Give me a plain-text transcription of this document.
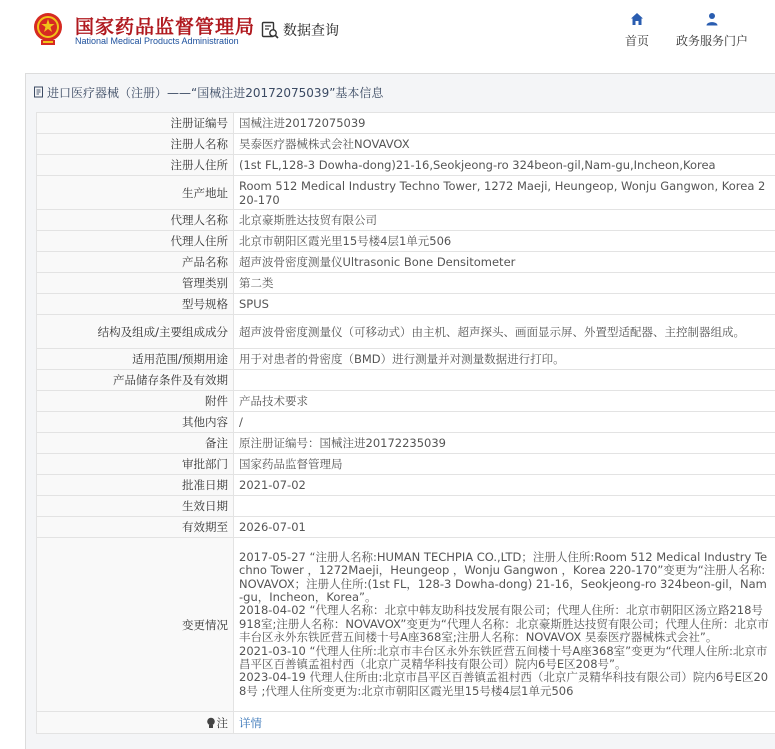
国家药品监督管理局
National Medical Products Administration
数据查询
首页	政务服务门户
进口医疗器械（注册）——“国械注进20172075039”基本信息
注册证编号	国械注进20172075039
注册人名称	昊泰医疗器械株式会社NOVAVOX
注册人住所	(1st FL,128-3 Dowha-dong)21-16,Seokjeong-ro 324beon-gil,Nam-gu,Incheon,Korea
生产地址	Room 512 Medical Industry Techno Tower, 1272 Maeji, Heungeop, Wonju Gangwon, Korea 220-170
代理人名称	北京豪斯胜达技贸有限公司
代理人住所	北京市朝阳区霞光里15号楼4层1单元506
产品名称	超声波骨密度测量仪Ultrasonic Bone Densitometer
管理类别	第二类
型号规格	SPUS
结构及组成/主要组成成分	超声波骨密度测量仪（可移动式）由主机、超声探头、画面显示屏、外置型适配器、主控制器组成。
适用范围/预期用途	用于对患者的骨密度（BMD）进行测量并对测量数据进行打印。
产品储存条件及有效期	
附件	产品技术要求
其他内容	/
备注	原注册证编号：国械注进20172235039
审批部门	国家药品监督管理局
批准日期	2021-07-02
生效日期	
有效期至	2026-07-01
变更情况	2017-05-27 “注册人名称:HUMAN TECHPIA CO.,LTD；注册人住所:Room 512 Medical Industry Techno Tower ，1272Maeji，Heungeop ，Wonju Gangwon ，Korea 220-170”变更为“注册人名称:NOVAVOX；注册人住所:(1st FL，128-3 Dowha-dong) 21-16，Seokjeong-ro 324beon-gil，Nam-gu，Incheon，Korea”。
2018-04-02 “代理人名称：北京中韩友助科技发展有限公司；代理人住所：北京市朝阳区汤立路218号918室;注册人名称：NOVAVOX”变更为“代理人名称：北京豪斯胜达技贸有限公司；代理人住所：北京市丰台区永外东铁匠营五间楼十号A座368室;注册人名称：NOVAVOX 昊泰医疗器械株式会社”。
2021-03-10 “代理人住所:北京市丰台区永外东铁匠营五间楼十号A座368室”变更为“代理人住所:北京市昌平区百善镇孟祖村西（北京广灵精华科技有限公司）院内6号E区208号”。
2023-04-19 代理人住所由:北京市昌平区百善镇孟祖村西（北京广灵精华科技有限公司）院内6号E区208号 ;代理人住所变更为:北京市朝阳区霞光里15号楼4层1单元506

注	详情
